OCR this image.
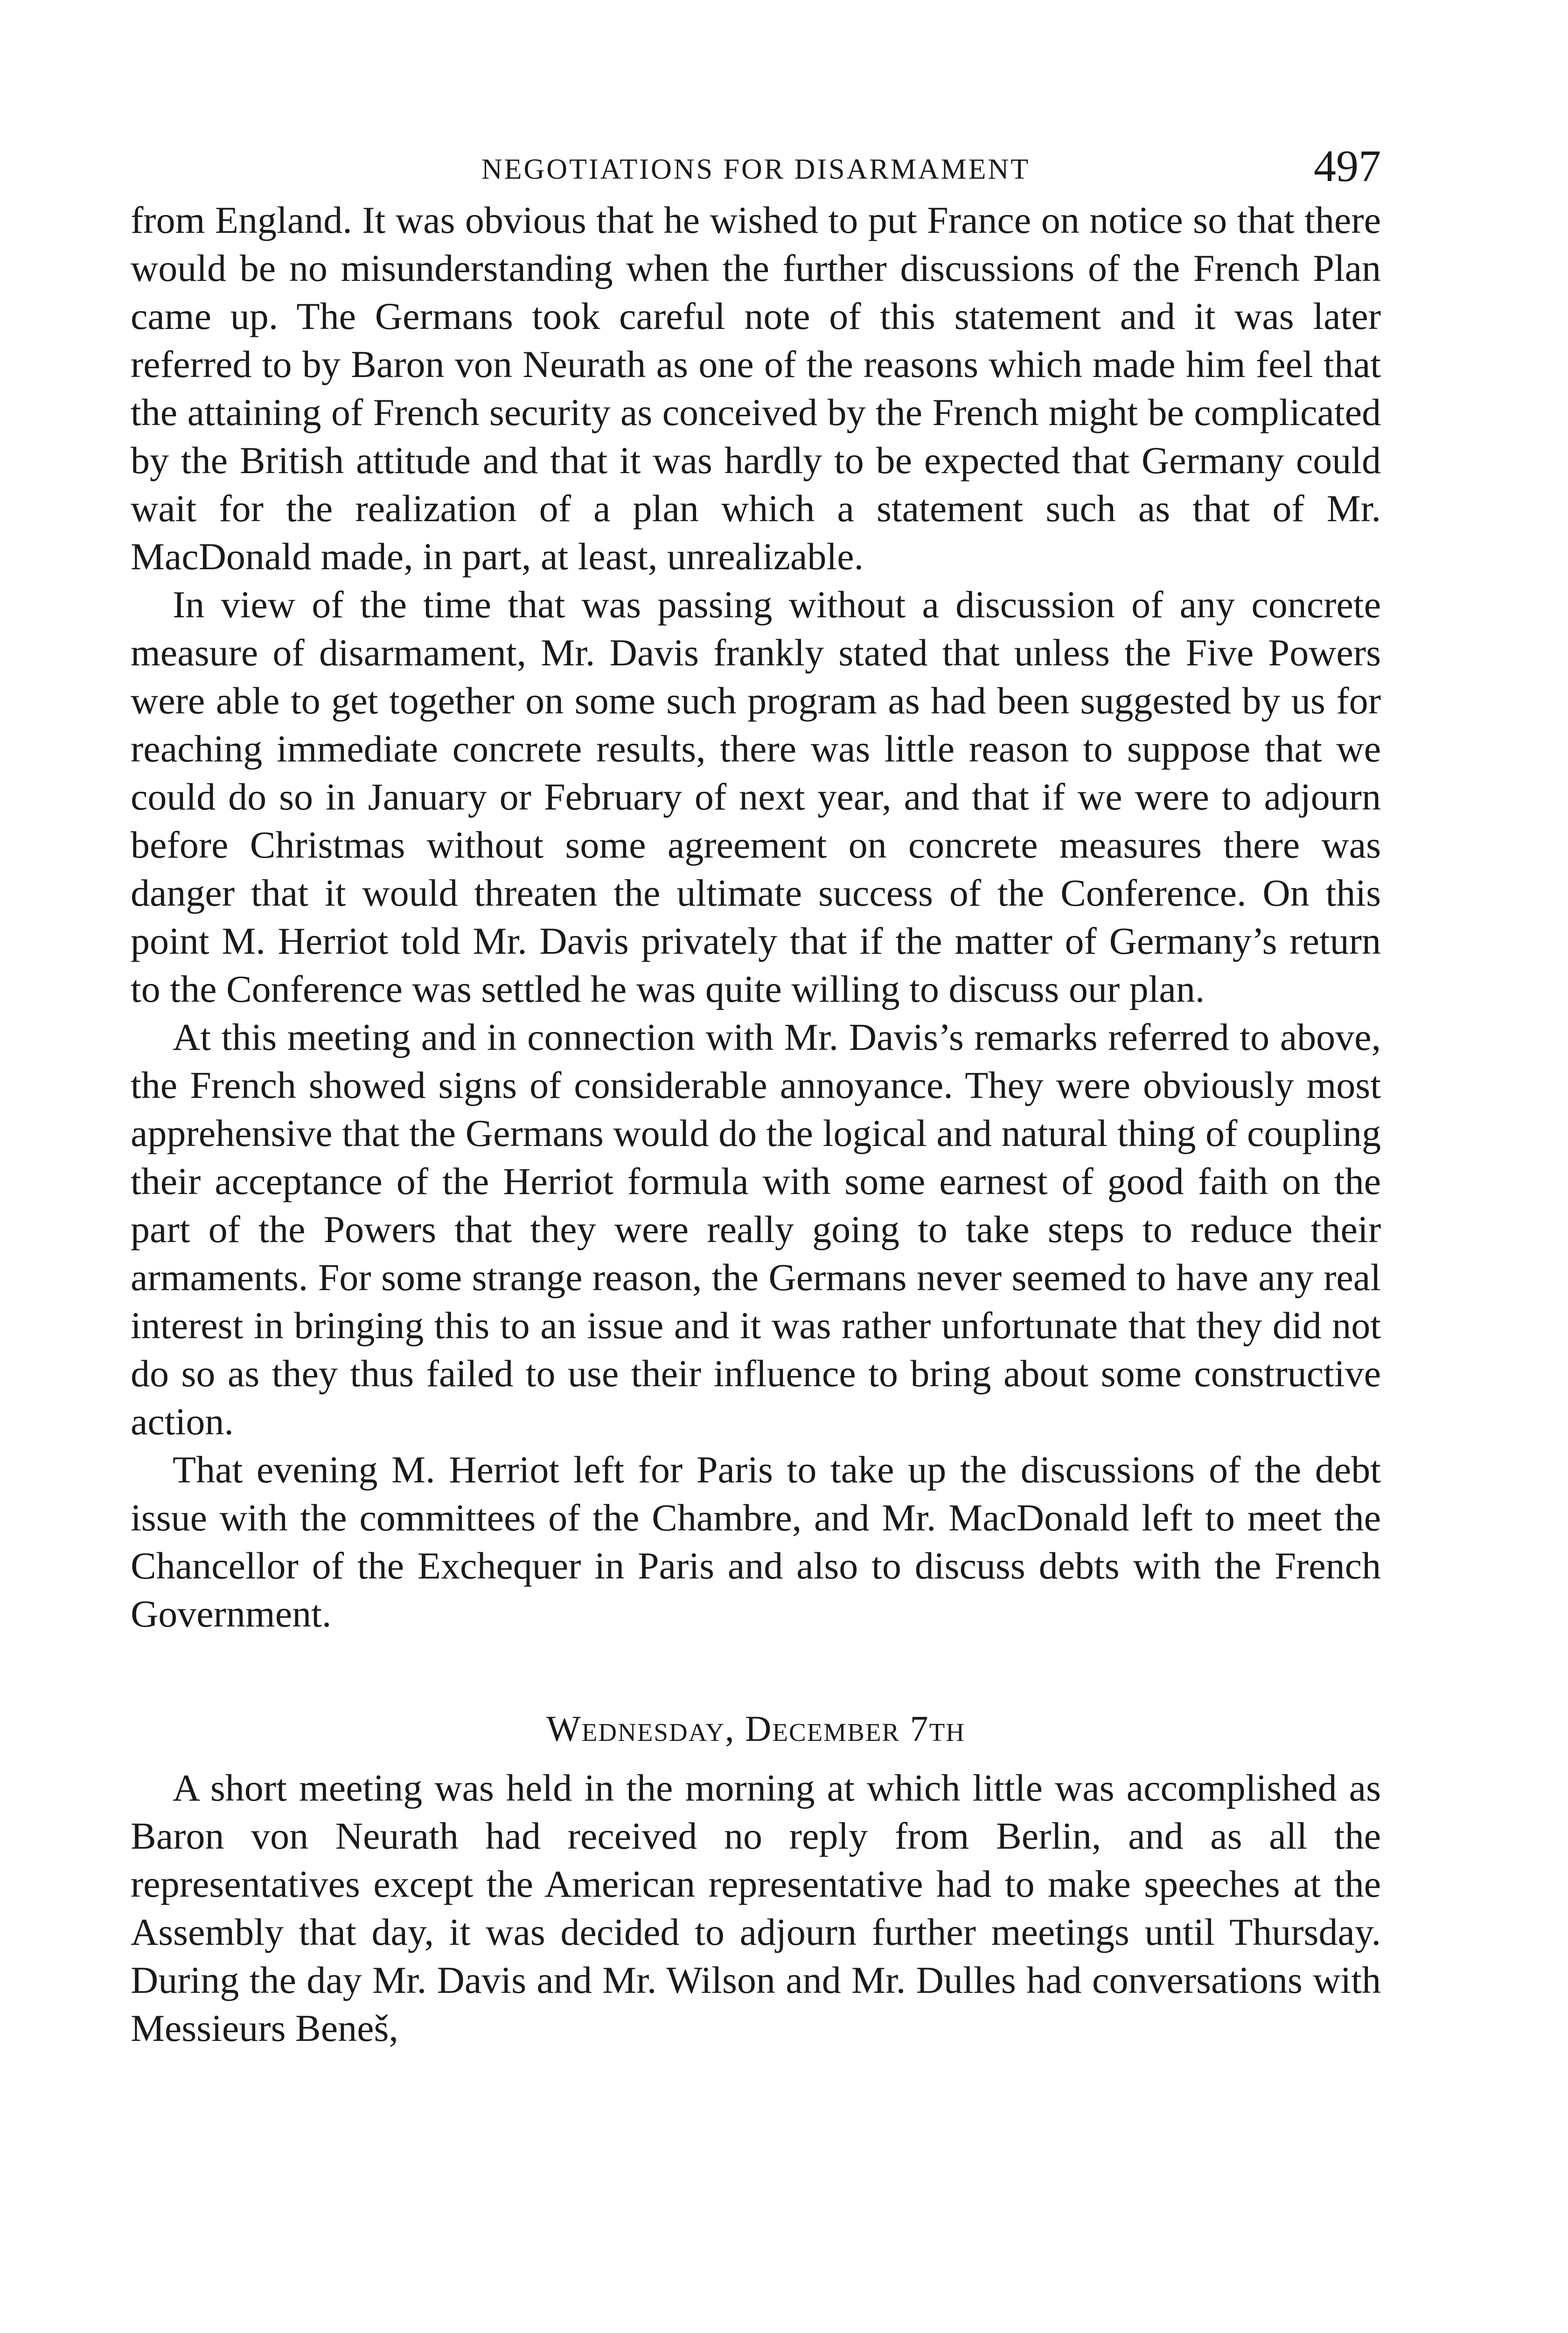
NEGOTIATIONS FOR DISARMAMENT	497

from England. It was obvious that he wished to put France on notice so that there would be no misunderstanding when the further discussions of the French Plan came up. The Germans took careful note of this statement and it was later referred to by Baron von Neurath as one of the reasons which made him feel that the attaining of French security as conceived by the French might be complicated by the British attitude and that it was hardly to be expected that Germany could wait for the realization of a plan which a statement such as that of Mr. MacDonald made, in part, at least, unrealizable.

In view of the time that was passing without a discussion of any concrete measure of disarmament, Mr. Davis frankly stated that unless the Five Powers were able to get together on some such program as had been suggested by us for reaching immediate concrete results, there was little reason to suppose that we could do so in January or February of next year, and that if we were to adjourn before Christmas without some agreement on concrete measures there was danger that it would threaten the ultimate success of the Conference. On this point M. Herriot told Mr. Davis privately that if the matter of Germany’s return to the Conference was settled he was quite willing to discuss our plan.

At this meeting and in connection with Mr. Davis’s remarks referred to above, the French showed signs of considerable annoyance. They were obviously most apprehensive that the Germans would do the logical and natural thing of coupling their acceptance of the Herriot formula with some earnest of good faith on the part of the Powers that they were really going to take steps to reduce their armaments. For some strange reason, the Germans never seemed to have any real interest in bringing this to an issue and it was rather unfortunate that they did not do so as they thus failed to use their influence to bring about some constructive action.

That evening M. Herriot left for Paris to take up the discussions of the debt issue with the committees of the Chambre, and Mr. MacDonald left to meet the Chancellor of the Exchequer in Paris and also to discuss debts with the French Government.

Wednesday, December 7th

A short meeting was held in the morning at which little was accomplished as Baron von Neurath had received no reply from Berlin, and as all the representatives except the American representative had to make speeches at the Assembly that day, it was decided to adjourn further meetings until Thursday. During the day Mr. Davis and Mr. Wilson and Mr. Dulles had conversations with Messieurs Beneš,
